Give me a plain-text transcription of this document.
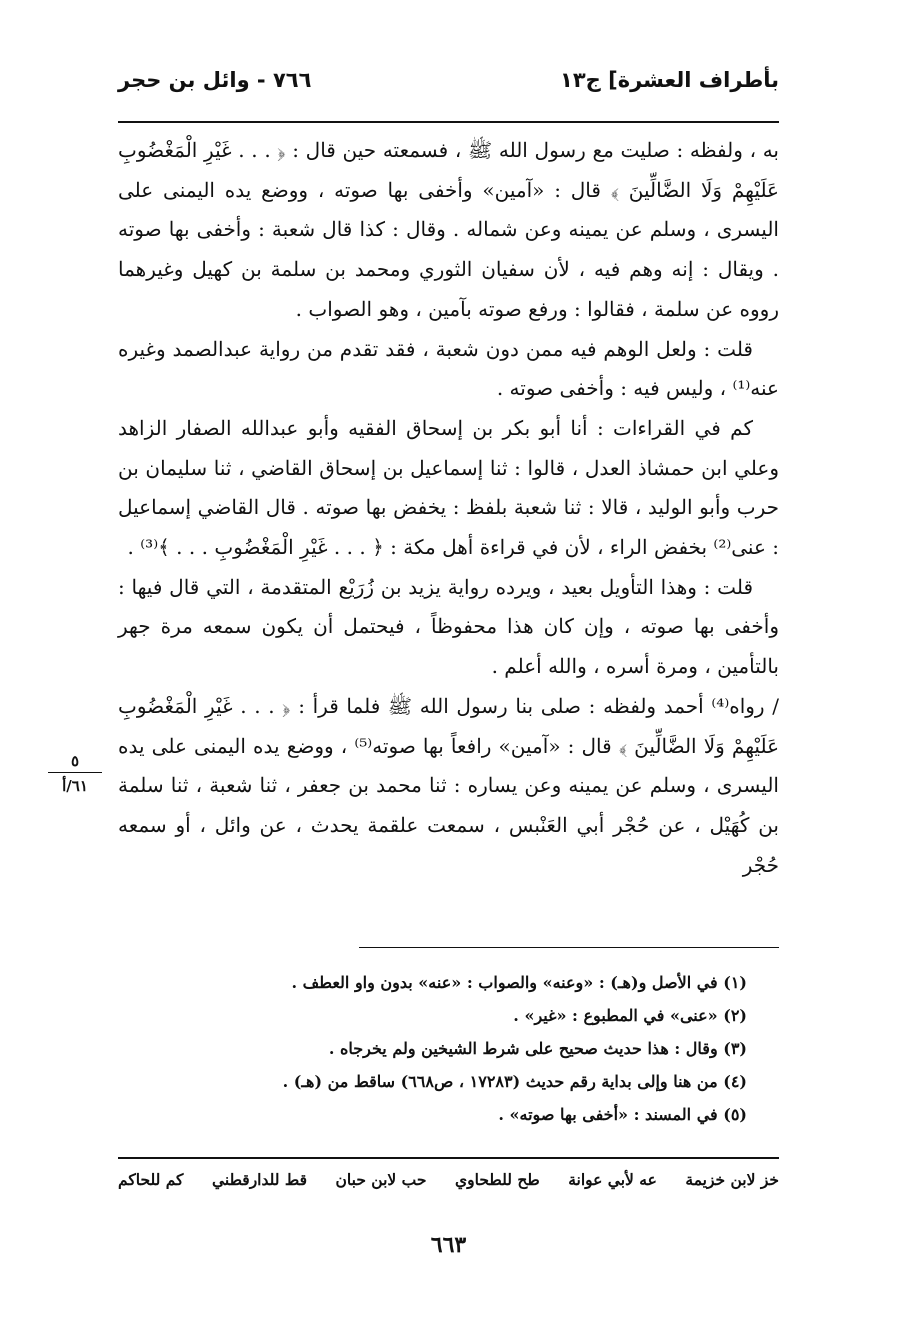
بأطراف العشرة] ج١٣
٧٦٦ - وائل بن حجر

به ، ولفظه : صليت مع رسول الله ﷺ ، فسمعته حين قال : ﴿ . . . غَيْرِ الْمَغْضُوبِ عَلَيْهِمْ وَلَا الضَّالِّينَ ﴾ قال : «آمين» وأخفى بها صوته ، ووضع يده اليمنى على اليسرى ، وسلم عن يمينه وعن شماله . وقال : كذا قال شعبة : وأخفى بها صوته . ويقال : إنه وهم فيه ، لأن سفيان الثوري ومحمد بن سلمة بن كهيل وغيرهما رووه عن سلمة ، فقالوا : ورفع صوته بآمين ، وهو الصواب .

قلت : ولعل الوهم فيه ممن دون شعبة ، فقد تقدم من رواية عبدالصمد وغيره عنه⁽¹⁾ ، وليس فيه : وأخفى صوته .

كم في القراءات : أنا أبو بكر بن إسحاق الفقيه وأبو عبدالله الصفار الزاهد وعلي ابن حمشاذ العدل ، قالوا : ثنا إسماعيل بن إسحاق القاضي ، ثنا سليمان بن حرب وأبو الوليد ، قالا : ثنا شعبة بلفظ : يخفض بها صوته . قال القاضي إسماعيل : عنى⁽²⁾ بخفض الراء ، لأن في قراءة أهل مكة : ﴿ . . . غَيْرِ الْمَغْضُوبِ . . . ﴾⁽³⁾ .

قلت : وهذا التأويل بعيد ، ويرده رواية يزيد بن زُرَيْع المتقدمة ، التي قال فيها : وأخفى بها صوته ، وإن كان هذا محفوظاً ، فيحتمل أن يكون سمعه مرة جهر بالتأمين ، ومرة أسره ، والله أعلم .

/ رواه⁽⁴⁾ أحمد ولفظه : صلى بنا رسول الله ﷺ فلما قرأ : ﴿ . . . غَيْرِ الْمَغْضُوبِ عَلَيْهِمْ وَلَا الضَّالِّينَ ﴾ قال : «آمين» رافعاً بها صوته⁽⁵⁾ ، ووضع يده اليمنى على يده اليسرى ، وسلم عن يمينه وعن يساره : ثنا محمد بن جعفر ، ثنا شعبة ، ثنا سلمة بن كُهَيْل ، عن حُجْر أبي العَنْبس ، سمعت علقمة يحدث ، عن وائل ، أو سمعه حُجْر

٥
٦١/أ
(١) في الأصل و(هـ) : «وعنه» والصواب : «عنه» بدون واو العطف .
(٢) «عنى» في المطبوع : «غير» .
(٣) وقال : هذا حديث صحيح على شرط الشيخين ولم يخرجاه .
(٤) من هنا وإلى بداية رقم حديث (١٧٢٨٣ ، ص٦٦٨) ساقط من (هـ) .
(٥) في المسند : «أخفى بها صوته» .
خز لابن خزيمة
عه لأبي عوانة
طح للطحاوي
حب لابن حبان
قط للدارقطني
كم للحاكم
٦٦٣
